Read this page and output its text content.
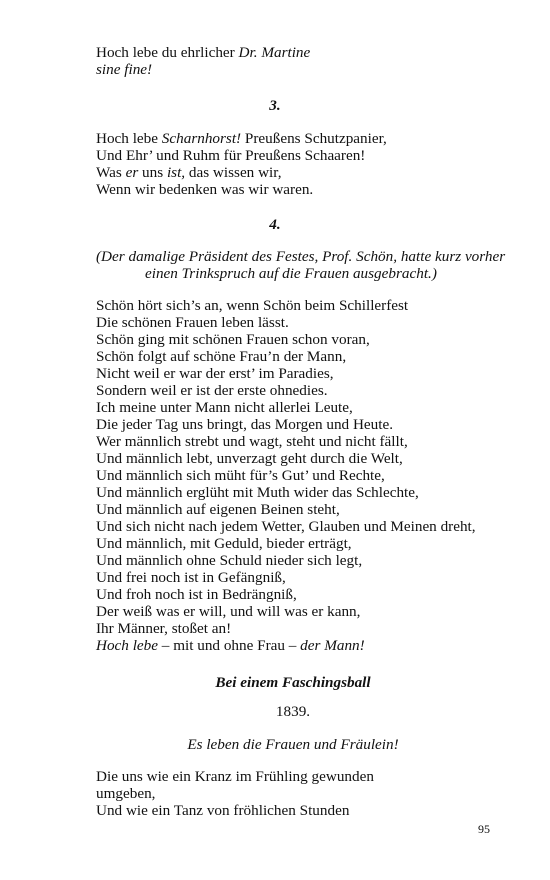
Hoch lebe du ehrlicher Dr. Martine
sine fine!
3.
Hoch lebe Scharnhorst! Preußens Schutzpanier,
Und Ehr’ und Ruhm für Preußens Schaaren!
Was er uns ist, das wissen wir,
Wenn wir bedenken was wir waren.
4.
(Der damalige Präsident des Festes, Prof. Schön, hatte kurz vorher
einen Trinkspruch auf die Frauen ausgebracht.)
Schön hört sich’s an, wenn Schön beim Schillerfest
Die schönen Frauen leben lässt.
Schön ging mit schönen Frauen schon voran,
Schön folgt auf schöne Frau’n der Mann,
Nicht weil er war der erst’ im Paradies,
Sondern weil er ist der erste ohnedies.
Ich meine unter Mann nicht allerlei Leute,
Die jeder Tag uns bringt, das Morgen und Heute.
Wer männlich strebt und wagt, steht und nicht fällt,
Und männlich lebt, unverzagt geht durch die Welt,
Und männlich sich müht für’s Gut’ und Rechte,
Und männlich erglüht mit Muth wider das Schlechte,
Und männlich auf eigenen Beinen steht,
Und sich nicht nach jedem Wetter, Glauben und Meinen dreht,
Und männlich, mit Geduld, bieder erträgt,
Und männlich ohne Schuld nieder sich legt,
Und frei noch ist in Gefängniß,
Und froh noch ist in Bedrängniß,
Der weiß was er will, und will was er kann,
Ihr Männer, stoßet an!
Hoch lebe – mit und ohne Frau – der Mann!
Bei einem Faschingsball
1839.
Es leben die Frauen und Fräulein!
Die uns wie ein Kranz im Frühling gewunden
umgeben,
Und wie ein Tanz von fröhlichen Stunden
95
